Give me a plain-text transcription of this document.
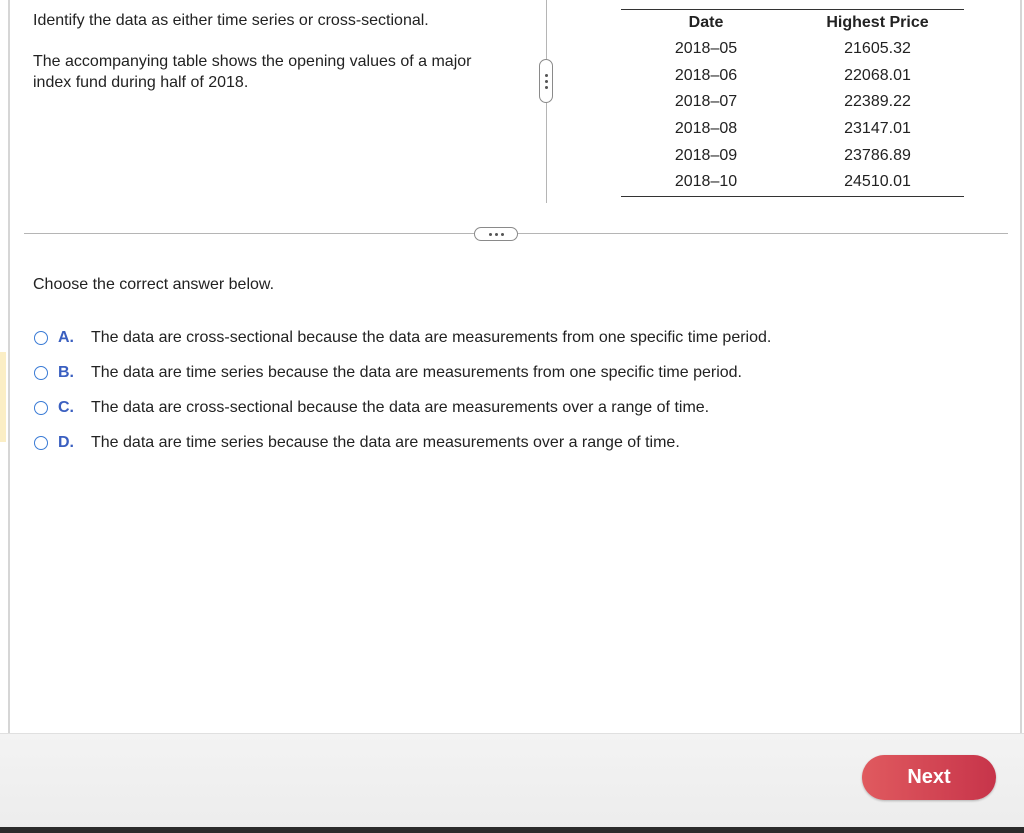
Identify the data as either time series or cross-sectional.
The accompanying table shows the opening values of a major index fund during half of 2018.
Date	Highest Price
2018–05	21605.32
2018–06	22068.01
2018–07	22389.22
2018–08	23147.01
2018–09	23786.89
2018–10	24510.01
Choose the correct answer below.
A.	The data are cross-sectional because the data are measurements from one specific time period.
B.	The data are time series because the data are measurements from one specific time period.
C.	The data are cross-sectional because the data are measurements over a range of time.
D.	The data are time series because the data are measurements over a range of time.
Next
